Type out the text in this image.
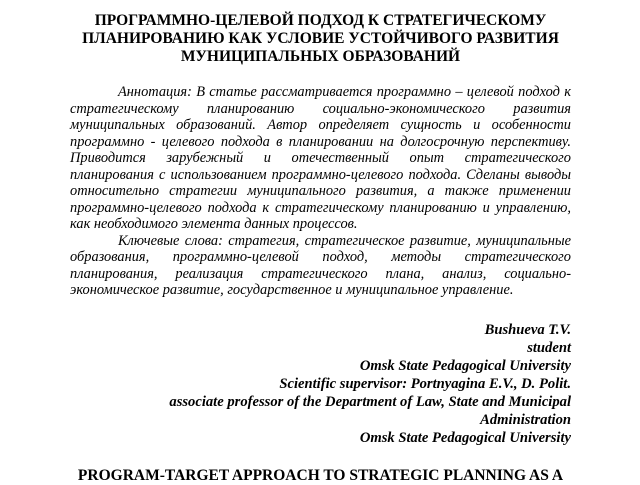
ПРОГРАММНО-ЦЕЛЕВОЙ ПОДХОД К СТРАТЕГИЧЕСКОМУ
ПЛАНИРОВАНИЮ КАК УСЛОВИЕ УСТОЙЧИВОГО РАЗВИТИЯ
МУНИЦИПАЛЬНЫХ ОБРАЗОВАНИЙ

Аннотация: В статье рассматривается программно – целевой подход к стратегическому планированию социально-экономического развития муниципальных образований. Автор определяет сущность и особенности программно - целевого подхода в планировании на долгосрочную перспективу. Приводится зарубежный и отечественный опыт стратегического планирования с использованием программно-целевого подхода. Сделаны выводы относительно стратегии муниципального развития, а также применении программно-целевого подхода к стратегическому планированию и управлению, как необходимого элемента данных процессов.

Ключевые слова: стратегия, стратегическое развитие, муниципальные образования, программно-целевой подход, методы стратегического планирования, реализация стратегического плана, анализ, социально-экономическое развитие, государственное и муниципальное управление.

Bushueva T.V.
student
Omsk State Pedagogical University
Scientific supervisor: Portnyagina E.V., D. Polit.
associate professor of the Department of Law, State and Municipal
Administration
Omsk State Pedagogical University
PROGRAM-TARGET APPROACH TO STRATEGIC PLANNING AS A
